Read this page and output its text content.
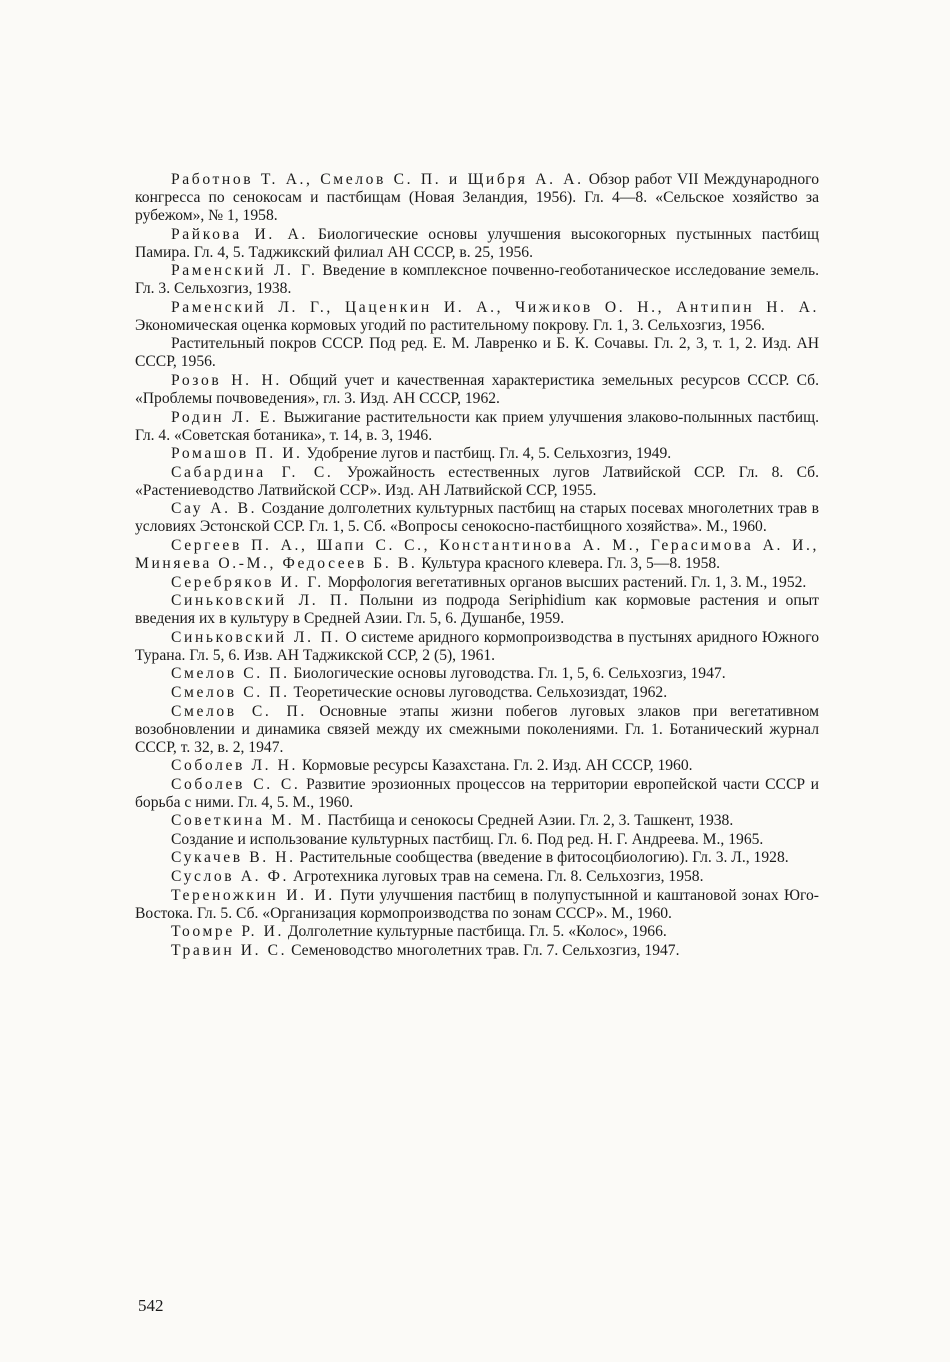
Работнов Т. А., Смелов С. П. и Щибря А. А. Обзор работ VII Международного конгресса по сенокосам и пастбищам (Новая Зеландия, 1956). Гл. 4—8. «Сельское хозяйство за рубежом», № 1, 1958.

Райкова И. А. Биологические основы улучшения высокогорных пустынных пастбищ Памира. Гл. 4, 5. Таджикский филиал АН СССР, в. 25, 1956.

Раменский Л. Г. Введение в комплексное почвенно-геоботаническое исследование земель. Гл. 3. Сельхозгиз, 1938.

Раменский Л. Г., Цаценкин И. А., Чижиков О. Н., Антипин Н. А. Экономическая оценка кормовых угодий по растительному покрову. Гл. 1, 3. Сельхозгиз, 1956.

Растительный покров СССР. Под ред. Е. М. Лавренко и Б. К. Сочавы. Гл. 2, 3, т. 1, 2. Изд. АН СССР, 1956.

Розов Н. Н. Общий учет и качественная характеристика земельных ресурсов СССР. Сб. «Проблемы почвоведения», гл. 3. Изд. АН СССР, 1962.

Родин Л. Е. Выжигание растительности как прием улучшения злаково-полынных пастбищ. Гл. 4. «Советская ботаника», т. 14, в. 3, 1946.

Ромашов П. И. Удобрение лугов и пастбищ. Гл. 4, 5. Сельхозгиз, 1949.

Сабардина Г. С. Урожайность естественных лугов Латвийской ССР. Гл. 8. Сб. «Растениеводство Латвийской ССР». Изд. АН Латвийской ССР, 1955.

Сау А. В. Создание долголетних культурных пастбищ на старых посевах многолетних трав в условиях Эстонской ССР. Гл. 1, 5. Сб. «Вопросы сенокосно-пастбищного хозяйства». М., 1960.

Сергеев П. А., Шапи С. С., Константинова А. М., Герасимова А. И., Миняева О.-М., Федосеев Б. В. Культура красного клевера. Гл. 3, 5—8. 1958.

Серебряков И. Г. Морфология вегетативных органов высших растений. Гл. 1, 3. М., 1952.

Синьковский Л. П. Полыни из подрода Seriphidium как кормовые растения и опыт введения их в культуру в Средней Азии. Гл. 5, 6. Душанбе, 1959.

Синьковский Л. П. О системе аридного кормопроизводства в пустынях аридного Южного Турана. Гл. 5, 6. Изв. АН Таджикской ССР, 2 (5), 1961.

Смелов С. П. Биологические основы луговодства. Гл. 1, 5, 6. Сельхозгиз, 1947.

Смелов С. П. Теоретические основы луговодства. Сельхозиздат, 1962.

Смелов С. П. Основные этапы жизни побегов луговых злаков при вегетативном возобновлении и динамика связей между их смежными поколениями. Гл. 1. Ботанический журнал СССР, т. 32, в. 2, 1947.

Соболев Л. Н. Кормовые ресурсы Казахстана. Гл. 2. Изд. АН СССР, 1960.

Соболев С. С. Развитие эрозионных процессов на территории европейской части СССР и борьба с ними. Гл. 4, 5. М., 1960.

Советкина М. М. Пастбища и сенокосы Средней Азии. Гл. 2, 3. Ташкент, 1938.

Создание и использование культурных пастбищ. Гл. 6. Под ред. Н. Г. Андреева. М., 1965.

Сукачев В. Н. Растительные сообщества (введение в фитосоцбиологию). Гл. 3. Л., 1928.

Суслов А. Ф. Агротехника луговых трав на семена. Гл. 8. Сельхозгиз, 1958.

Тереножкин И. И. Пути улучшения пастбищ в полупустынной и каштановой зонах Юго-Востока. Гл. 5. Сб. «Организация кормопроизводства по зонам СССР». М., 1960.

Тоомре Р. И. Долголетние культурные пастбища. Гл. 5. «Колос», 1966.

Травин И. С. Семеноводство многолетних трав. Гл. 7. Сельхозгиз, 1947.

542
